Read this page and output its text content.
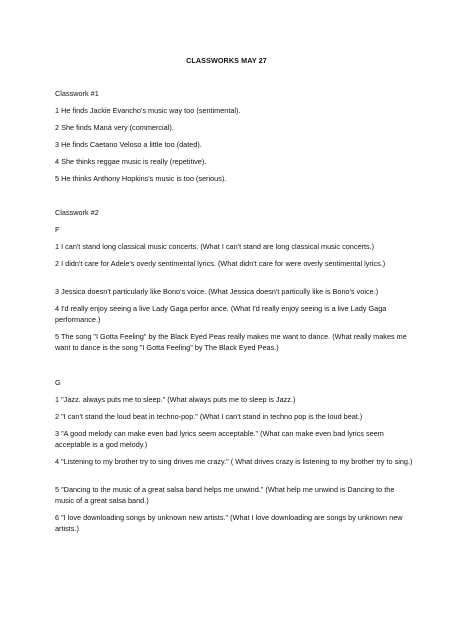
CLASSWORKS MAY 27
Classwork #1
1 He finds Jackie Evancho's music way too (sentimental).
2 She finds Maná very (commercial).
3 He finds Caetano Veloso a little too (dated).
4 She thinks reggae music is really (repetitive).
5 He thinks Anthony Hopkins's music is too (serious).
Classwork #2
F
1 I can't stand long classical music concerts. (What I can't stand are long classical music concerts.)
2 I didn't care for Adele's overly sentimental lyrics. (What didn't care for were overly sentimental lyrics.)
3 Jessica doesn't particularly like Bono's voice. (What Jessica doesn't particully like is Bono's voice.)
4 I'd really enjoy seeing a live Lady Gaga perfor ance. (What I'd really enjoy seeing is a live Lady Gaga performance.)
5 The song "I Gotta Feeling" by the Black Eyed Peas really makes me want to dance. (What really makes me want to dance is the song "I Gotta Feeling" by The Black Eyed Peas.)
G
1 "Jazz. always puts me to sleep." (What always puts me to sleep is Jazz.)
2 "I can't stand the loud beat in techno-pop." (What I can't stand in techno pop is the loud beat.)
3 "A good melody can make even bad lyrics seem acceptable." (What can make even bad lyrics seem acceptable is a god melody.)
4 "Listening to my brother try to sing drives me crazy." ( What drives crazy is listening to my brother try to sing.)
5 "Dancing to the music of a great salsa band helps me unwind." (What help me unwind is Dancing to the music of a great salsa band.)
6 "I love downloading songs by unknown new artists." (What I love downloading are songs by unknown new artists.)
